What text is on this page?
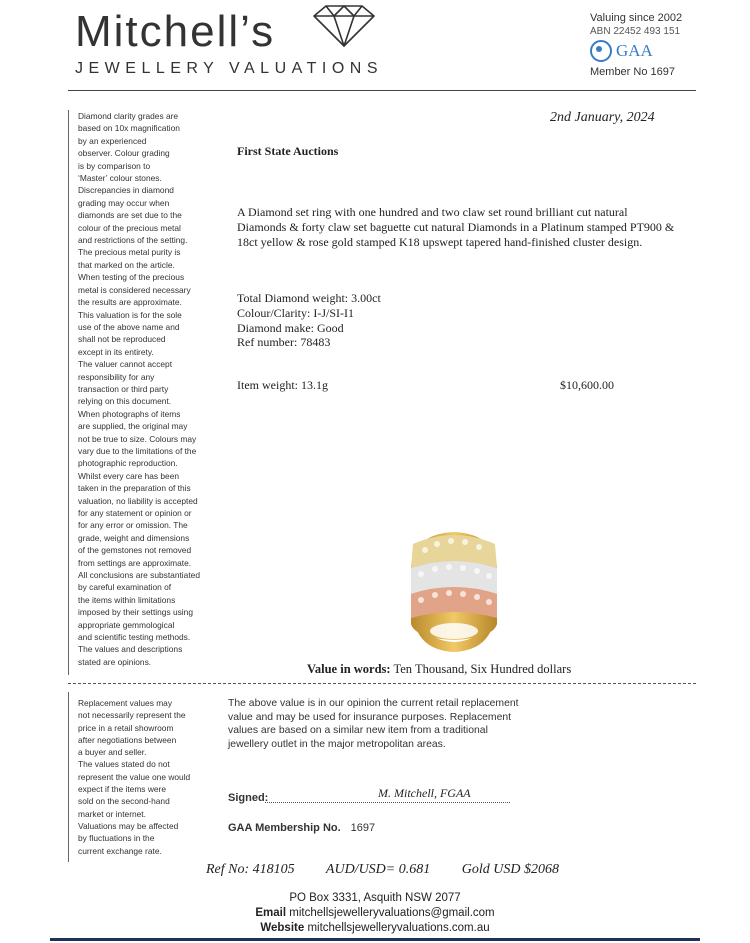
Mitchell’s
JEWELLERY VALUATIONS
Valuing since 2002
ABN 22452 493 151
GAA
Member No 1697
Diamond clarity grades are
based on 10x magnification
by an experienced
observer. Colour grading
is by comparison to
‘Master’ colour stones.
Discrepancies in diamond
grading may occur when
diamonds are set due to the
colour of the precious metal
and restrictions of the setting.
The precious metal purity is
that marked on the article.
When testing of the precious
metal is considered necessary
the results are approximate.
This valuation is for the sole
use of the above name and
shall not be reproduced
except in its entirety.
The valuer cannot accept
responsibility for any
transaction or third party
relying on this document.
When photographs of items
are supplied, the original may
not be true to size. Colours may
vary due to the limitations of the
photographic reproduction.
Whilst every care has been
taken in the preparation of this
valuation, no liability is accepted
for any statement or opinion or
for any error or omission. The
grade, weight and dimensions
of the gemstones not removed
from settings are approximate.
All conclusions are substantiated
by careful examination of
the items within limitations
imposed by their settings using
appropriate gemmological
and scientific testing methods.
The values and descriptions
stated are opinions.
2nd January, 2024
First State Auctions
A Diamond set ring with one hundred and two claw set round brilliant cut natural Diamonds & forty claw set baguette cut natural Diamonds in a Platinum stamped PT900 & 18ct yellow & rose gold stamped K18 upswept tapered hand-finished cluster design.
Total Diamond weight: 3.00ct
Colour/Clarity: I-J/SI-I1
Diamond make: Good
Ref number: 78483
Item weight: 13.1g	$10,600.00
Value in words: Ten Thousand, Six Hundred dollars
Replacement values may
not necessarily represent the
price in a retail showroom
after negotiations between
a buyer and seller.
The values stated do not
represent the value one would
expect if the items were
sold on the second-hand
market or internet.
Valuations may be affected
by fluctuations in the
current exchange rate.
The above value is in our opinion the current retail replacement value and may be used for insurance purposes. Replacement values are based on a similar new item from a traditional jewellery outlet in the major metropolitan areas.
Signed:	M. Mitchell, FGAA
GAA Membership No. 1697
Ref No: 418105 AUD/USD= 0.681 Gold USD $2068
PO Box 3331, Asquith NSW 2077
Email mitchellsjewelleryvaluations@gmail.com
Website mitchellsjewelleryvaluations.com.au
